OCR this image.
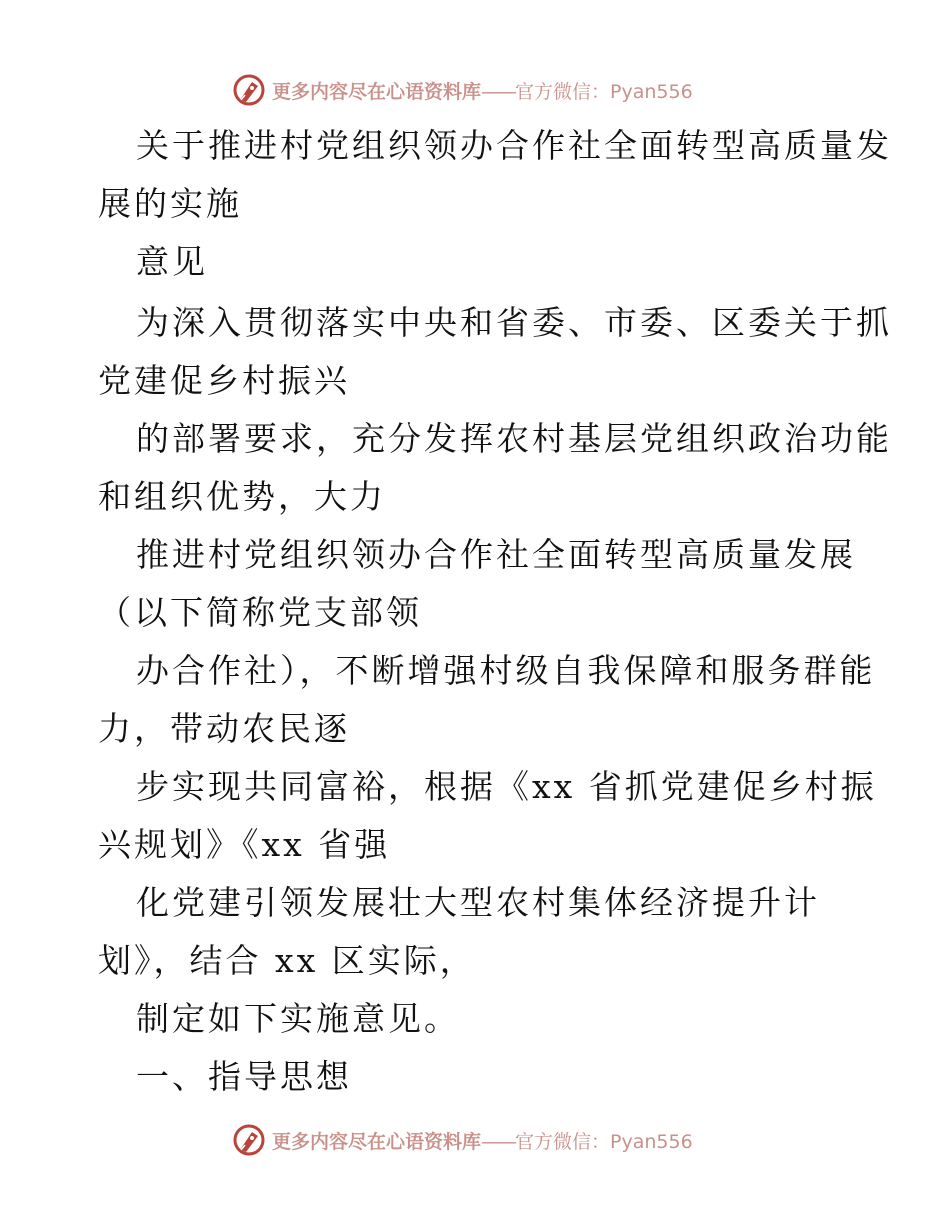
更多内容尽在心语资料库——官方微信：Pyan556
关于推进村党组织领办合作社全面转型高质量发
展的实施
意见
为深入贯彻落实中央和省委、市委、区委关于抓
党建促乡村振兴
的部署要求，充分发挥农村基层党组织政治功能
和组织优势，大力
推进村党组织领办合作社全面转型高质量发展
（以下简称党支部领
办合作社），不断增强村级自我保障和服务群能
力，带动农民逐
步实现共同富裕，根据《xx 省抓党建促乡村振
兴规划》《xx 省强
化党建引领发展壮大型农村集体经济提升计
划》，结合 xx 区实际，
制定如下实施意见。
一、指导思想
更多内容尽在心语资料库——官方微信：Pyan556
